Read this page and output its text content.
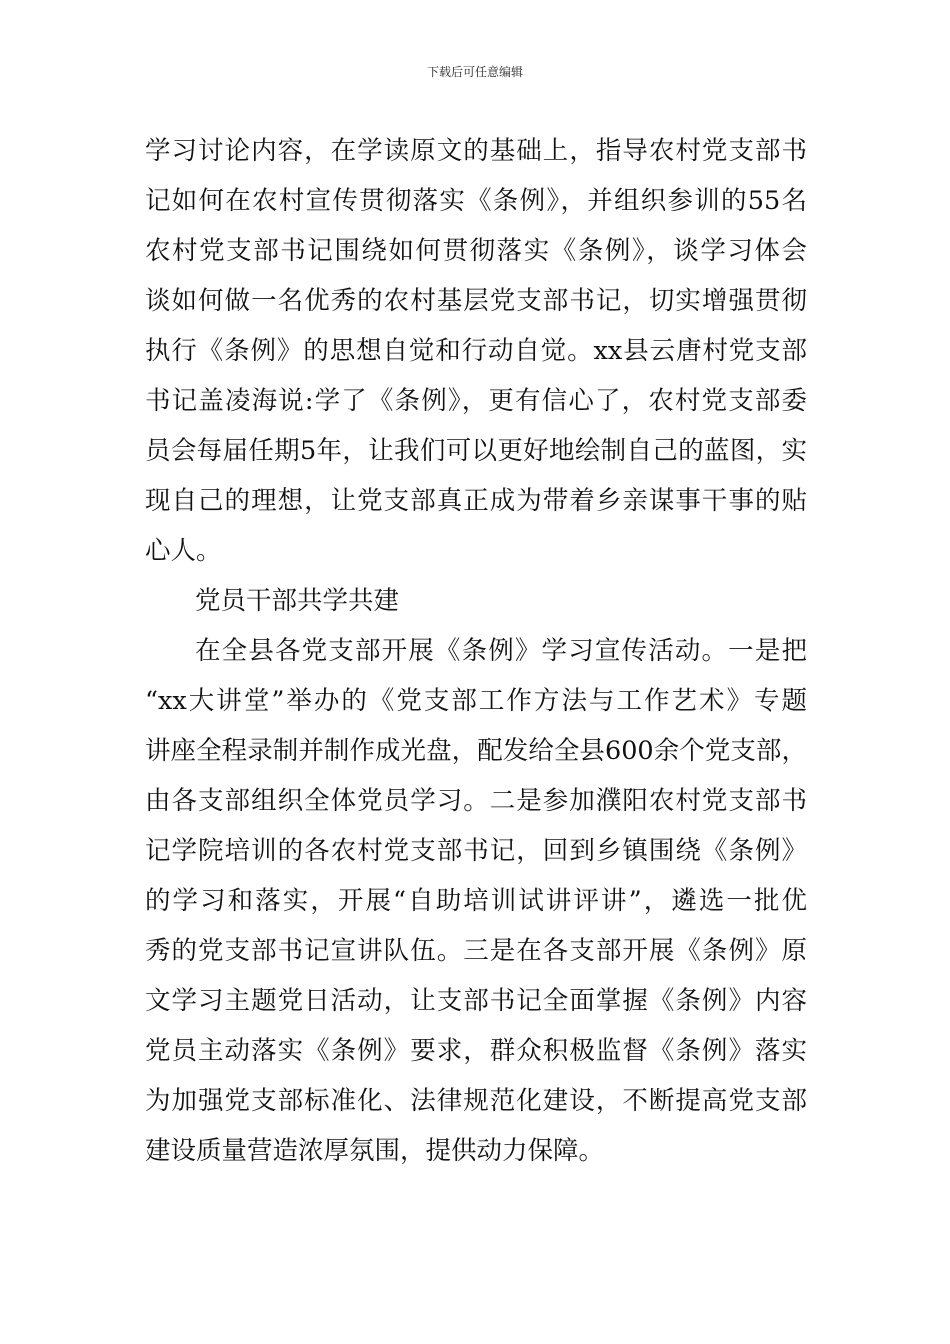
下载后可任意编辑
学习讨论内容，在学读原文的基础上，指导农村党支部书
记如何在农村宣传贯彻落实《条例》，并组织参训的55名
农村党支部书记围绕如何贯彻落实《条例》，谈学习体会
谈如何做一名优秀的农村基层党支部书记，切实增强贯彻
执行《条例》的思想自觉和行动自觉。xx县云唐村党支部
书记盖凌海说:学了《条例》，更有信心了，农村党支部委
员会每届任期5年，让我们可以更好地绘制自己的蓝图，实
现自己的理想，让党支部真正成为带着乡亲谋事干事的贴
心人。
党员干部共学共建
在全县各党支部开展《条例》学习宣传活动。一是把
“xx大讲堂”举办的《党支部工作方法与工作艺术》专题
讲座全程录制并制作成光盘，配发给全县600余个党支部，
由各支部组织全体党员学习。二是参加濮阳农村党支部书
记学院培训的各农村党支部书记，回到乡镇围绕《条例》
的学习和落实，开展“自助培训试讲评讲”，遴选一批优
秀的党支部书记宣讲队伍。三是在各支部开展《条例》原
文学习主题党日活动，让支部书记全面掌握《条例》内容
党员主动落实《条例》要求，群众积极监督《条例》落实
为加强党支部标准化、法律规范化建设，不断提高党支部
建设质量营造浓厚氛围，提供动力保障。
